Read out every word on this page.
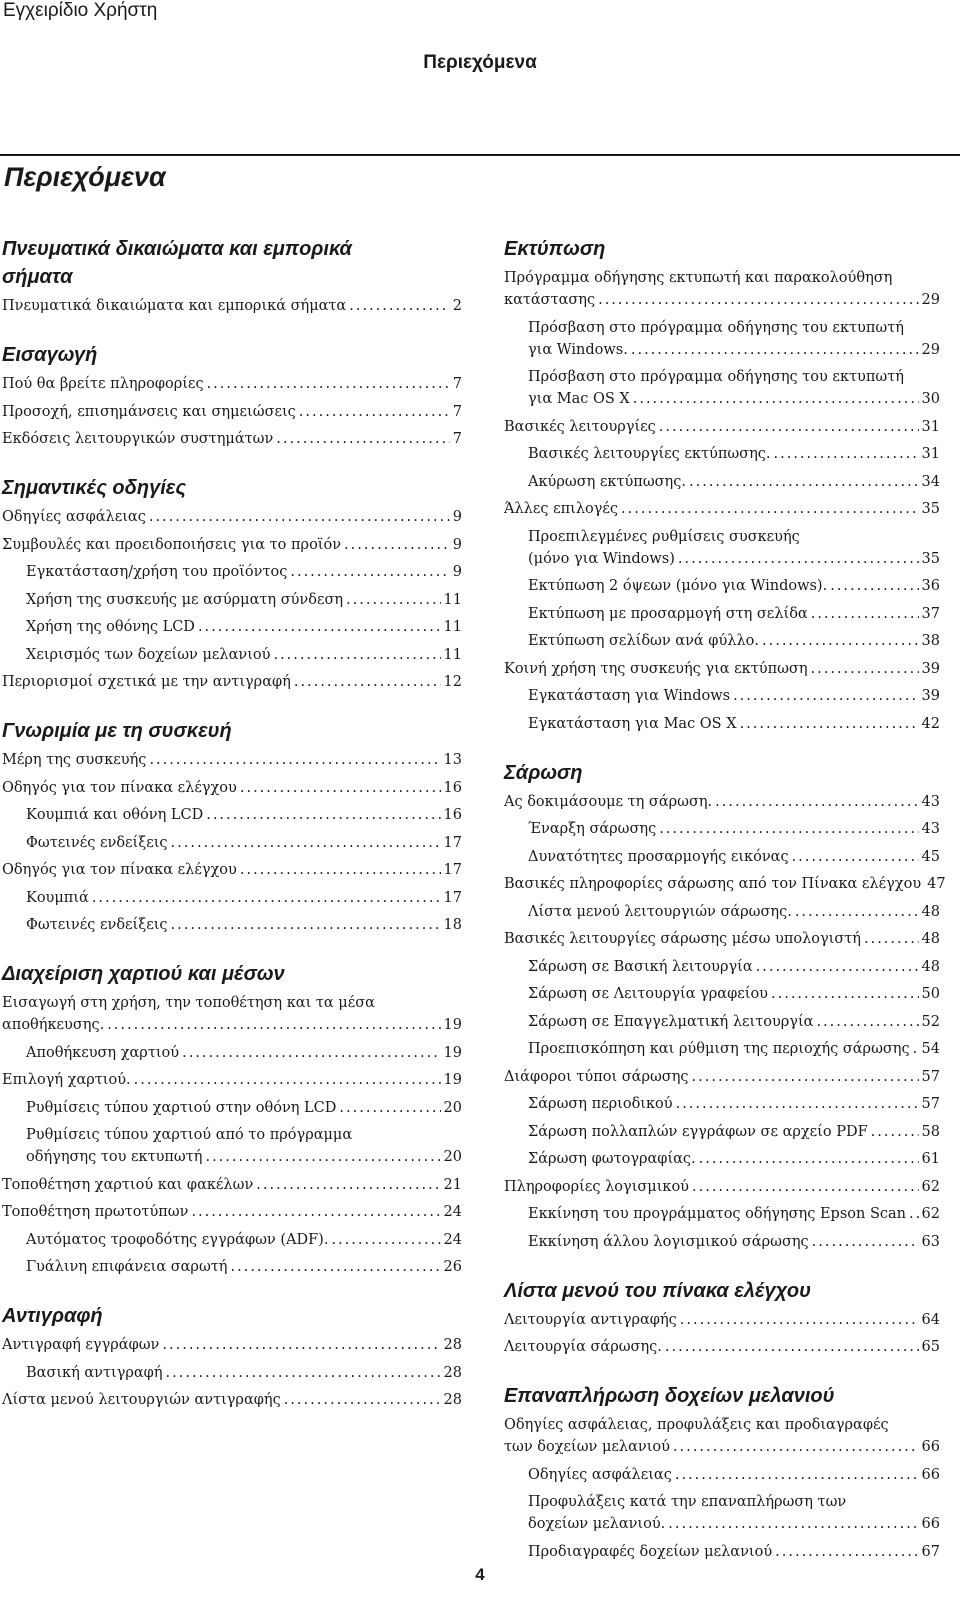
Εγχειρίδιο Χρήστη
Περιεχόμενα
Περιεχόμενα
Πνευματικά δικαιώματα και εμπορικά
σήματα
Πνευματικά δικαιώματα και εμπορικά σήματα .....	2
Εισαγωγή
Πού θα βρείτε πληροφορίες .....	7
Προσοχή, επισημάνσεις και σημειώσεις .....	7
Εκδόσεις λειτουργικών συστημάτων .....	7
Σημαντικές οδηγίες
Οδηγίες ασφάλειας .....	9
Συμβουλές και προειδοποιήσεις για το προϊόν .....	9
Εγκατάσταση/χρήση του προϊόντος .....	9
Χρήση της συσκευής με ασύρματη σύνδεση .....	11
Χρήση της οθόνης LCD .....	11
Χειρισμός των δοχείων μελανιού .....	11
Περιορισμοί σχετικά με την αντιγραφή .....	12
Γνωριμία με τη συσκευή
Μέρη της συσκευής .....	13
Οδηγός για τον πίνακα ελέγχου .....	16
Κουμπιά και οθόνη LCD .....	16
Φωτεινές ενδείξεις .....	17
Οδηγός για τον πίνακα ελέγχου .....	17
Κουμπιά .....	17
Φωτεινές ενδείξεις .....	18
Διαχείριση χαρτιού και μέσων
Εισαγωγή στη χρήση, την τοποθέτηση και τα μέσα
αποθήκευσης. .....	19
Αποθήκευση χαρτιού .....	19
Επιλογή χαρτιού. .....	19
Ρυθμίσεις τύπου χαρτιού στην οθόνη LCD .....	20
Ρυθμίσεις τύπου χαρτιού από το πρόγραμμα
οδήγησης του εκτυπωτή .....	20
Τοποθέτηση χαρτιού και φακέλων .....	21
Τοποθέτηση πρωτοτύπων .....	24
Αυτόματος τροφοδότης εγγράφων (ADF). .....	24
Γυάλινη επιφάνεια σαρωτή .....	26
Αντιγραφή
Αντιγραφή εγγράφων .....	28
Βασική αντιγραφή .....	28
Λίστα μενού λειτουργιών αντιγραφής .....	28
Εκτύπωση
Πρόγραμμα οδήγησης εκτυπωτή και παρακολούθηση
κατάστασης .....	29
Πρόσβαση στο πρόγραμμα οδήγησης του εκτυπωτή
για Windows. .....	29
Πρόσβαση στο πρόγραμμα οδήγησης του εκτυπωτή
για Mac OS X .....	30
Βασικές λειτουργίες .....	31
Βασικές λειτουργίες εκτύπωσης. .....	31
Ακύρωση εκτύπωσης. .....	34
Άλλες επιλογές .....	35
Προεπιλεγμένες ρυθμίσεις συσκευής
(μόνο για Windows) .....	35
Εκτύπωση 2 όψεων (μόνο για Windows). .....	36
Εκτύπωση με προσαρμογή στη σελίδα .....	37
Εκτύπωση σελίδων ανά φύλλο. .....	38
Κοινή χρήση της συσκευής για εκτύπωση .....	39
Εγκατάσταση για Windows .....	39
Εγκατάσταση για Mac OS X .....	42
Σάρωση
Ας δοκιμάσουμε τη σάρωση. .....	43
Έναρξη σάρωσης .....	43
Δυνατότητες προσαρμογής εικόνας .....	45
Βασικές πληροφορίες σάρωσης από τον Πίνακα ελέγχου 47
Λίστα μενού λειτουργιών σάρωσης. .....	48
Βασικές λειτουργίες σάρωσης μέσω υπολογιστή .....	48
Σάρωση σε Βασική λειτουργία .....	48
Σάρωση σε Λειτουργία γραφείου .....	50
Σάρωση σε Επαγγελματική λειτουργία .....	52
Προεπισκόπηση και ρύθμιση της περιοχής σάρωσης ..... 54
Διάφοροι τύποι σάρωσης .....	57
Σάρωση περιοδικού .....	57
Σάρωση πολλαπλών εγγράφων σε αρχείο PDF .....	58
Σάρωση φωτογραφίας. .....	61
Πληροφορίες λογισμικού .....	62
Εκκίνηση του προγράμματος οδήγησης Epson Scan ..... 62
Εκκίνηση άλλου λογισμικού σάρωσης .....	63
Λίστα μενού του πίνακα ελέγχου
Λειτουργία αντιγραφής .....	64
Λειτουργία σάρωσης. .....	65
Επαναπλήρωση δοχείων μελανιού
Οδηγίες ασφάλειας, προφυλάξεις και προδιαγραφές
των δοχείων μελανιού .....	66
Οδηγίες ασφάλειας .....	66
Προφυλάξεις κατά την επαναπλήρωση των
δοχείων μελανιού. .....	66
Προδιαγραφές δοχείων μελανιού .....	67
4
